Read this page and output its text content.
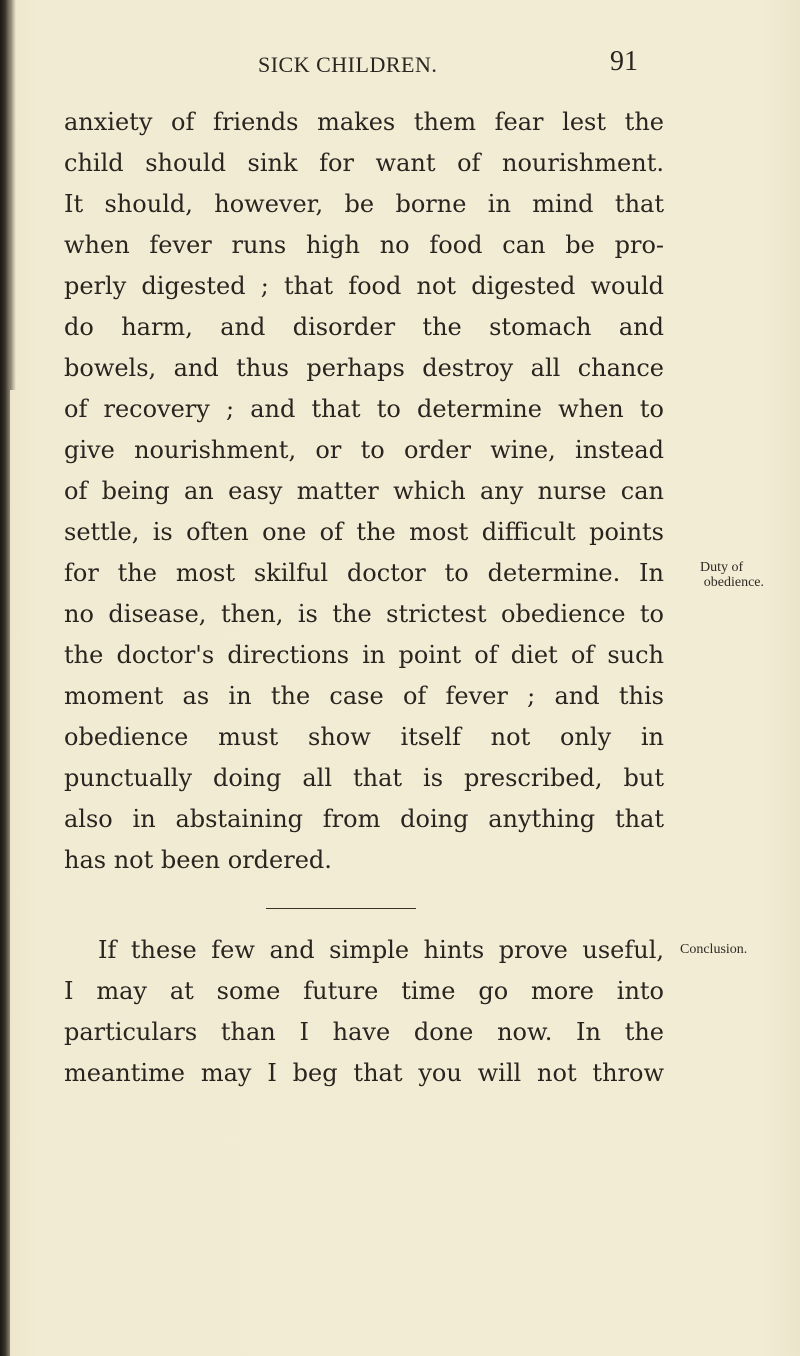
SICK CHILDREN.	91
anxiety of friends makes them fear lest the
child should sink for want of nourishment.
It should, however, be borne in mind that
when fever runs high no food can be pro-
perly digested ; that food not digested would
do harm, and disorder the stomach and
bowels, and thus perhaps destroy all chance
of recovery ; and that to determine when to
give nourishment, or to order wine, instead
of being an easy matter which any nurse can
settle, is often one of the most difficult points
for the most skilful doctor to determine. In
no disease, then, is the strictest obedience to
the doctor's directions in point of diet of such
moment as in the case of fever ; and this
obedience must show itself not only in
punctually doing all that is prescribed, but
also in abstaining from doing anything that
has not been ordered.
Duty of
obedience.
If these few and simple hints prove useful,
I may at some future time go more into
particulars than I have done now. In the
meantime may I beg that you will not throw
Conclusion.
